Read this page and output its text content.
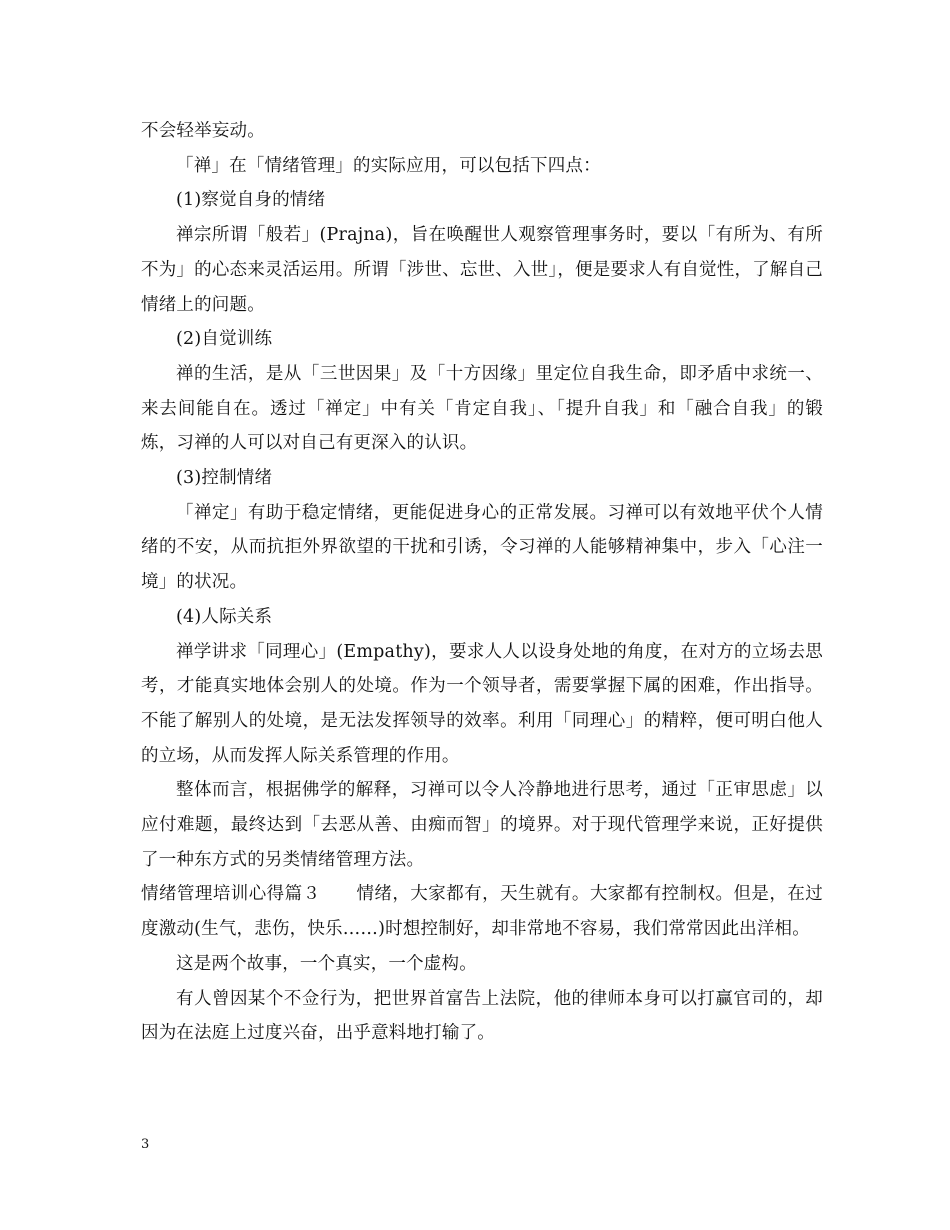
不会轻举妄动。

「禅」在「情绪管理」的实际应用，可以包括下四点：

(1)察觉自身的情绪

禅宗所谓「般若」(Prajna)，旨在唤醒世人观察管理事务时，要以「有所为、有所不为」的心态来灵活运用。所谓「涉世、忘世、入世」，便是要求人有自觉性，了解自己情绪上的问题。

(2)自觉训练

禅的生活，是从「三世因果」及「十方因缘」里定位自我生命，即矛盾中求统一、来去间能自在。透过「禅定」中有关「肯定自我」、「提升自我」和「融合自我」的锻炼，习禅的人可以对自己有更深入的认识。

(3)控制情绪

「禅定」有助于稳定情绪，更能促进身心的正常发展。习禅可以有效地平伏个人情绪的不安，从而抗拒外界欲望的干扰和引诱，令习禅的人能够精神集中，步入「心注一境」的状况。

(4)人际关系

禅学讲求「同理心」(Empathy)，要求人人以设身处地的角度，在对方的立场去思考，才能真实地体会别人的处境。作为一个领导者，需要掌握下属的困难，作出指导。不能了解别人的处境，是无法发挥领导的效率。利用「同理心」的精粹，便可明白他人的立场，从而发挥人际关系管理的作用。

整体而言，根据佛学的解释，习禅可以令人冷静地进行思考，通过「正审思虑」以应付难题，最终达到「去恶从善、由痴而智」的境界。对于现代管理学来说，正好提供了一种东方式的另类情绪管理方法。

情绪管理培训心得篇３　　情绪，大家都有，天生就有。大家都有控制权。但是，在过度激动(生气，悲伤，快乐……)时想控制好，却非常地不容易，我们常常因此出洋相。

这是两个故事，一个真实，一个虚构。

有人曾因某个不佥行为，把世界首富告上法院，他的律师本身可以打赢官司的，却因为在法庭上过度兴奋，出乎意料地打输了。

3
